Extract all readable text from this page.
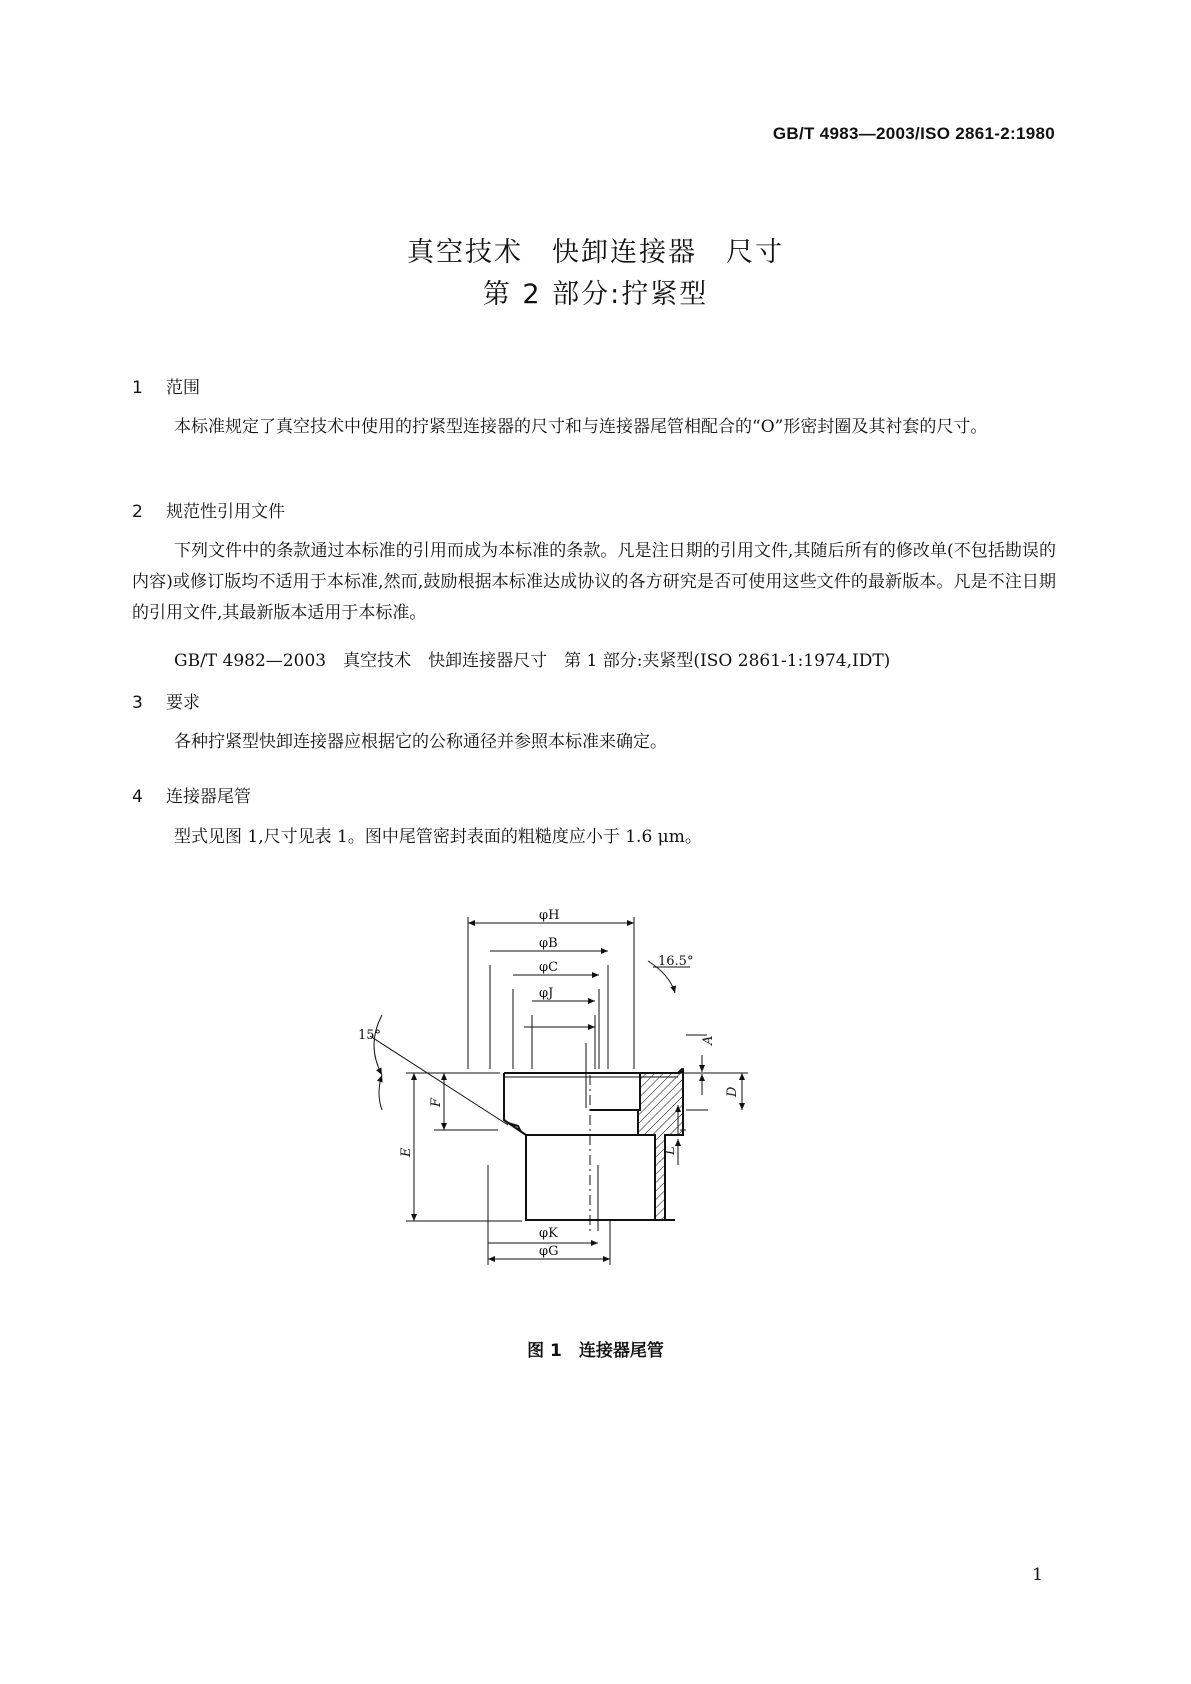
GB/T 4983—2003/ISO 2861-2:1980
真空技术　快卸连接器　尺寸
第 2 部分:拧紧型
1 范围
本标准规定了真空技术中使用的拧紧型连接器的尺寸和与连接器尾管相配合的“O”形密封圈及其衬套的尺寸。
2 规范性引用文件
下列文件中的条款通过本标准的引用而成为本标准的条款。凡是注日期的引用文件,其随后所有的修改单(不包括勘误的内容)或修订版均不适用于本标准,然而,鼓励根据本标准达成协议的各方研究是否可使用这些文件的最新版本。凡是不注日期的引用文件,其最新版本适用于本标准。
GB/T 4982—2003　真空技术　快卸连接器尺寸　第 1 部分:夹紧型(ISO 2861-1:1974,IDT)
3 要求
各种拧紧型快卸连接器应根据它的公称通径并参照本标准来确定。
4 连接器尾管
型式见图 1,尺寸见表 1。图中尾管密封表面的粗糙度应小于 1.6 μm。
φH
φB
φC
φJ
φK
φG
16.5°
15°	A
D
L
E
F
图 1　连接器尾管
1
